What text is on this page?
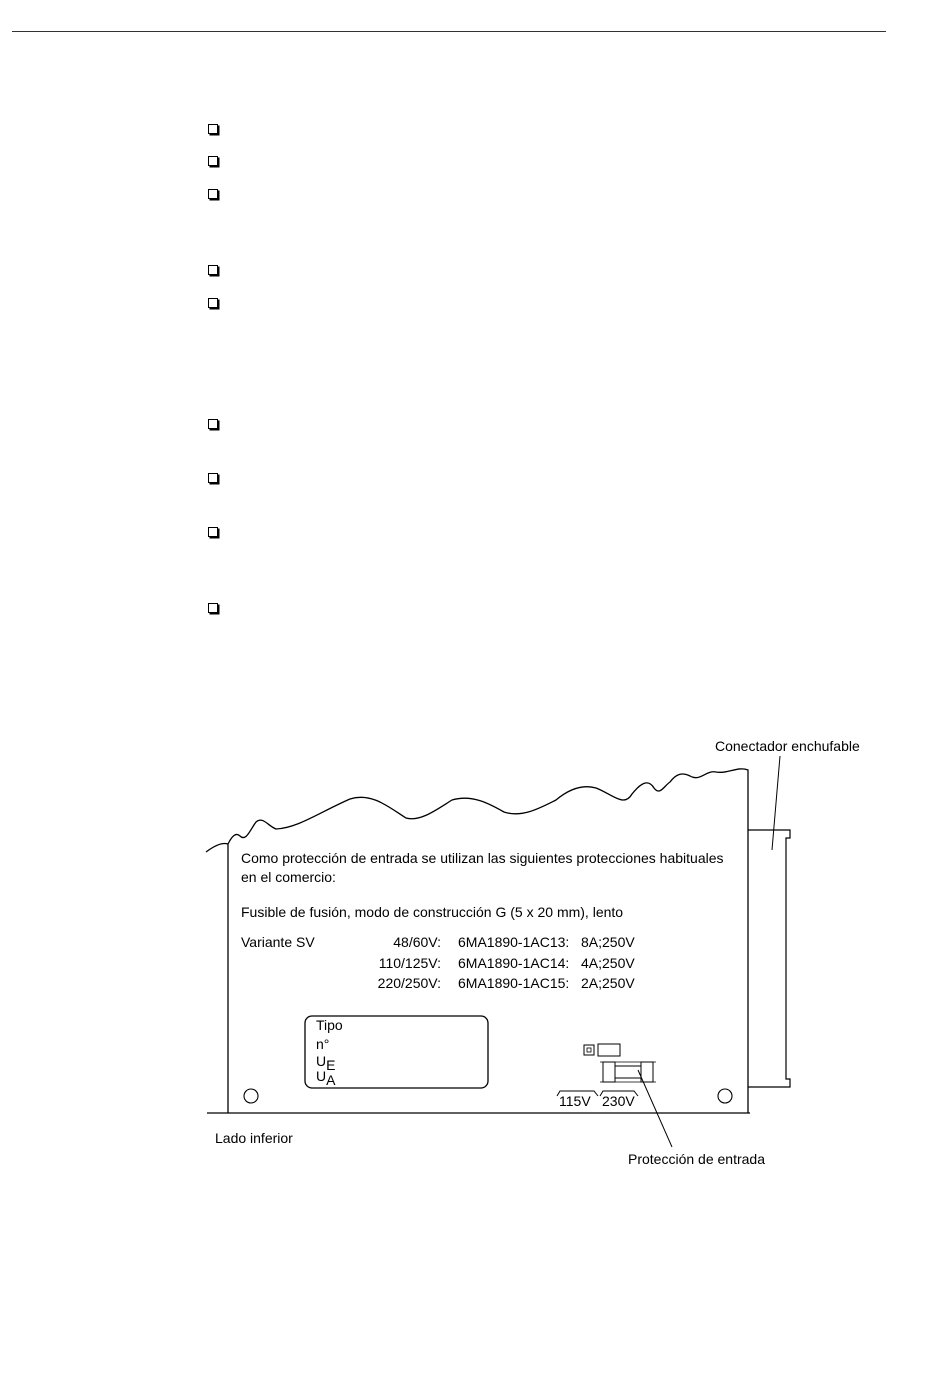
Conectador enchufable
Lado inferior
Protección de entrada
Como protección de entrada se utilizan las siguientes protecciones habituales
en el comercio:
Fusible de fusión, modo de construcción G (5 x 20 mm), lento
Variante SV	48/60V: 6MA1890-1AC13: 8A;250V
110/125V: 6MA1890-1AC14: 4A;250V
220/250V: 6MA1890-1AC15: 2A;250V
Tipo
n°
UE
UA
115V 230V
